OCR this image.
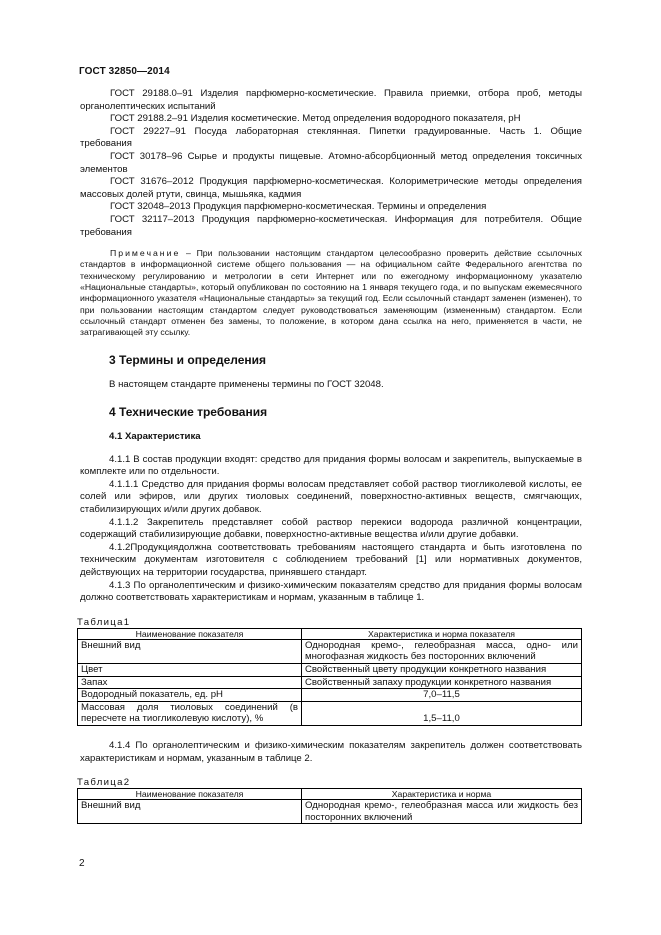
ГОСТ 32850—2014

ГОСТ 29188.0–91 Изделия парфюмерно-косметические. Правила приемки, отбора проб, методы органолептических испытаний

ГОСТ 29188.2–91 Изделия косметические. Метод определения водородного показателя, pH

ГОСТ 29227–91 Посуда лабораторная стеклянная. Пипетки градуированные. Часть 1. Общие требования

ГОСТ 30178–96 Сырье и продукты пищевые. Атомно-абсорбционный метод определения токсичных элементов

ГОСТ 31676–2012 Продукция парфюмерно-косметическая. Колориметрические методы определения массовых долей ртути, свинца, мышьяка, кадмия

ГОСТ 32048–2013 Продукция парфюмерно-косметическая. Термины и определения

ГОСТ 32117–2013 Продукция парфюмерно-косметическая. Информация для потребителя. Общие требования

Примечание – При пользовании настоящим стандартом целесообразно проверить действие ссылочных стандартов в информационной системе общего пользования — на официальном сайте Федерального агентства по техническому регулированию и метрологии в сети Интернет или по ежегодному информационному указателю «Национальные стандарты», который опубликован по состоянию на 1 января текущего года, и по выпускам ежемесячного информационного указателя «Национальные стандарты» за текущий год. Если ссылочный стандарт заменен (изменен), то при пользовании настоящим стандартом следует руководствоваться заменяющим (измененным) стандартом. Если ссылочный стандарт отменен без замены, то положение, в котором дана ссылка на него, применяется в части, не затрагивающей эту ссылку.

3 Термины и определения

В настоящем стандарте применены термины по ГОСТ 32048.

4 Технические требования
4.1 Характеристика

4.1.1 В состав продукции входят: средство для придания формы волосам и закрепитель, выпускаемые в комплекте или по отдельности.

4.1.1.1 Средство для придания формы волосам представляет собой раствор тиогликолевой кислоты, ее солей или эфиров, или других тиоловых соединений, поверхностно-активных веществ, смягчающих, стабилизирующих и/или других добавок.

4.1.1.2 Закрепитель представляет собой раствор перекиси водорода различной концентрации, содержащий стабилизирующие добавки, поверхностно-активные вещества и/или другие добавки.

4.1.2Продукциядолжна соответствовать требованиям настоящего стандарта и быть изготовлена по техническим документам изготовителя с соблюдением требований [1] или нормативных документов, действующих на территории государства, принявшего стандарт.

4.1.3 По органолептическим и физико-химическим показателям средство для придания формы волосам должно соответствовать характеристикам и нормам, указанным в таблице 1.

Таблица1
Наименование показателя	Характеристика и норма показателя
Внешний вид	Однородная кремо-, гелеобразная масса, одно- или многофазная жидкость без посторонних включений
Цвет	Свойственный цвету продукции конкретного названия
Запах	Свойственный запаху продукции конкретного названия
Водородный показатель, ед. pH	7,0–11,5
Массовая доля тиоловых соединений (в пересчете на тиогликолевую кислоту), %	1,5–11,0

4.1.4 По органолептическим и физико-химическим показателям закрепитель должен соответствовать характеристикам и нормам, указанным в таблице 2.

Таблица2
Наименование показателя	Характеристика и норма
Внешний вид	Однородная кремо-, гелеобразная масса или жидкость без посторонних включений
2
